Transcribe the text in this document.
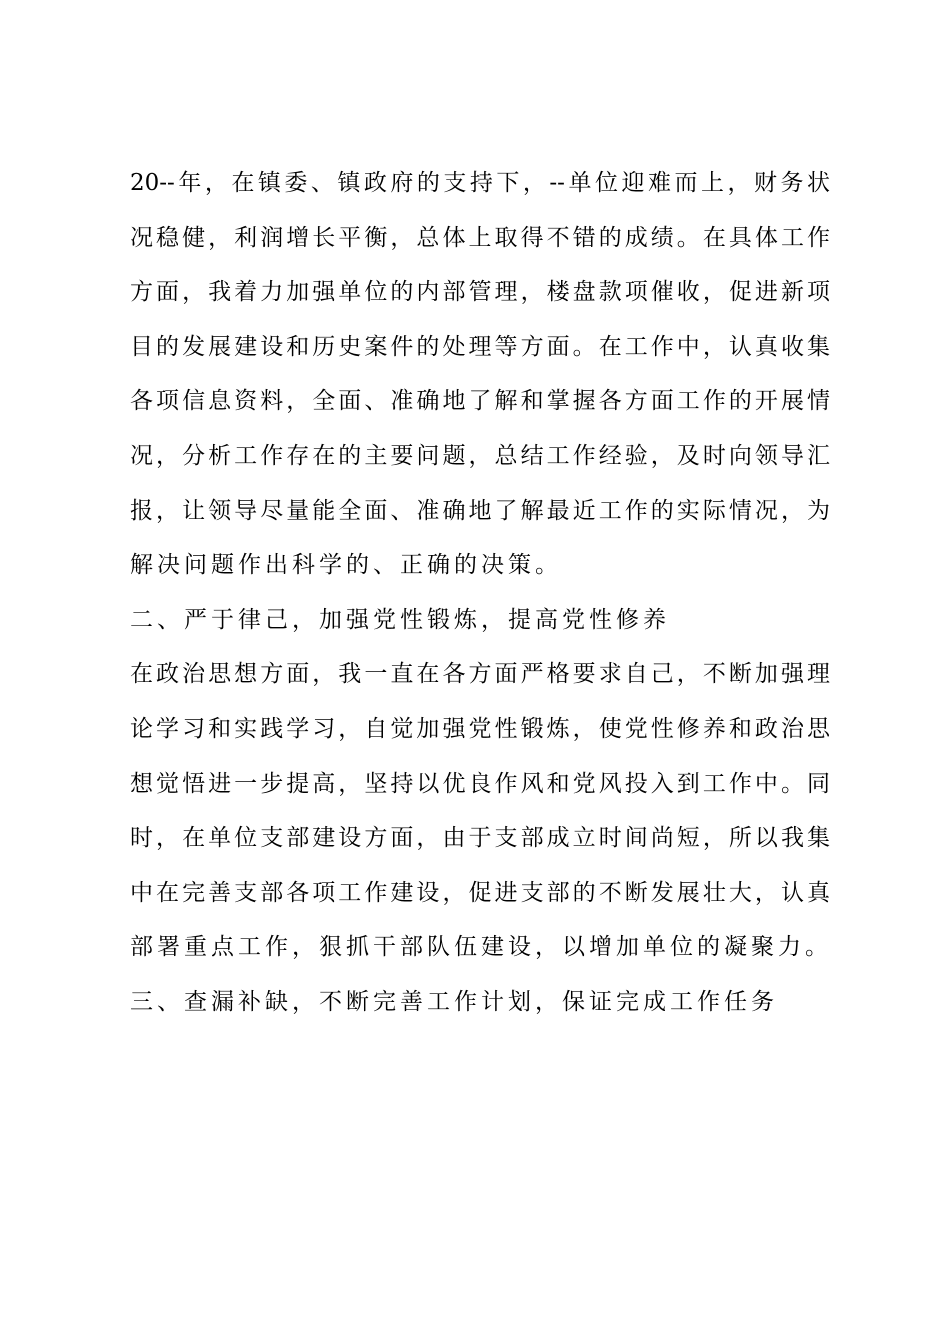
20--年，在镇委、镇政府的支持下，--单位迎难而上，财务状
况稳健，利润增长平衡，总体上取得不错的成绩。在具体工作
方面，我着力加强单位的内部管理，楼盘款项催收，促进新项
目的发展建设和历史案件的处理等方面。在工作中，认真收集
各项信息资料，全面、准确地了解和掌握各方面工作的开展情
况，分析工作存在的主要问题，总结工作经验，及时向领导汇
报，让领导尽量能全面、准确地了解最近工作的实际情况，为
解决问题作出科学的、正确的决策。
二、严于律己，加强党性锻炼，提高党性修养
在政治思想方面，我一直在各方面严格要求自己，不断加强理
论学习和实践学习，自觉加强党性锻炼，使党性修养和政治思
想觉悟进一步提高，坚持以优良作风和党风投入到工作中。同
时，在单位支部建设方面，由于支部成立时间尚短，所以我集
中在完善支部各项工作建设，促进支部的不断发展壮大，认真
部署重点工作，狠抓干部队伍建设，以增加单位的凝聚力。
三、查漏补缺，不断完善工作计划，保证完成工作任务
